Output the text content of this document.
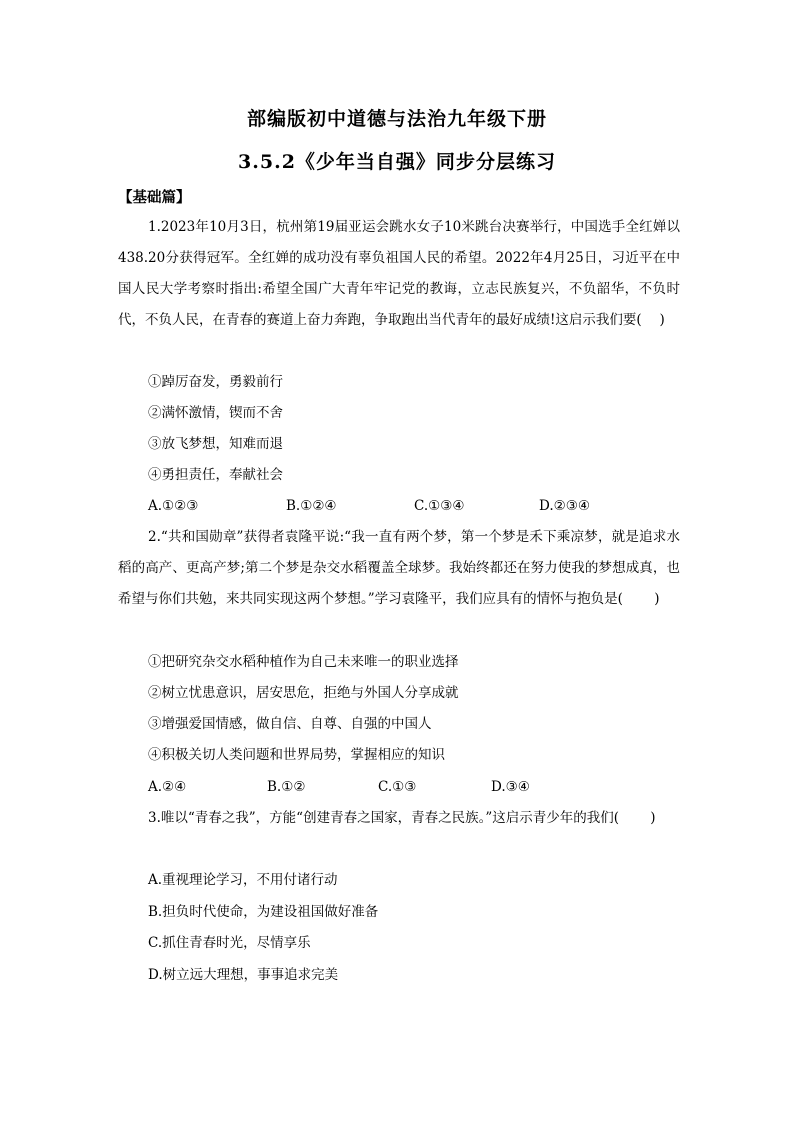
部编版初中道德与法治九年级下册
3.5.2《少年当自强》同步分层练习
【基础篇】
1.2023年10月3日，杭州第19届亚运会跳水女子10米跳台决赛举行，中国选手全红婵以438.20分获得冠军。全红婵的成功没有辜负祖国人民的希望。2022年4月25日，习近平在中国人民大学考察时指出:希望全国广大青年牢记党的教诲，立志民族复兴，不负韶华，不负时代，不负人民，在青春的赛道上奋力奔跑，争取跑出当代青年的最好成绩!这启示我们要(　 )
①踔厉奋发，勇毅前行
②满怀激情，锲而不舍
③放飞梦想，知难而退
④勇担责任，奉献社会
A.①②③	B.①②④	C.①③④	D.②③④
2.“共和国勋章”获得者袁隆平说:“我一直有两个梦，第一个梦是禾下乘凉梦，就是追求水稻的高产、更高产梦;第二个梦是杂交水稻覆盖全球梦。我始终都还在努力使我的梦想成真，也希望与你们共勉，来共同实现这两个梦想。”学习袁隆平，我们应具有的情怀与抱负是(　 　)
①把研究杂交水稻种植作为自己未来唯一的职业选择
②树立忧患意识，居安思危，拒绝与外国人分享成就
③增强爱国情感，做自信、自尊、自强的中国人
④积极关切人类问题和世界局势，掌握相应的知识
A.②④	B.①②	C.①③	D.③④
3.唯以“青春之我”，方能“创建青春之国家，青春之民族。”这启示青少年的我们(　 　)
A.重视理论学习，不用付诸行动
B.担负时代使命，为建设祖国做好准备
C.抓住青春时光，尽情享乐
D.树立远大理想，事事追求完美
